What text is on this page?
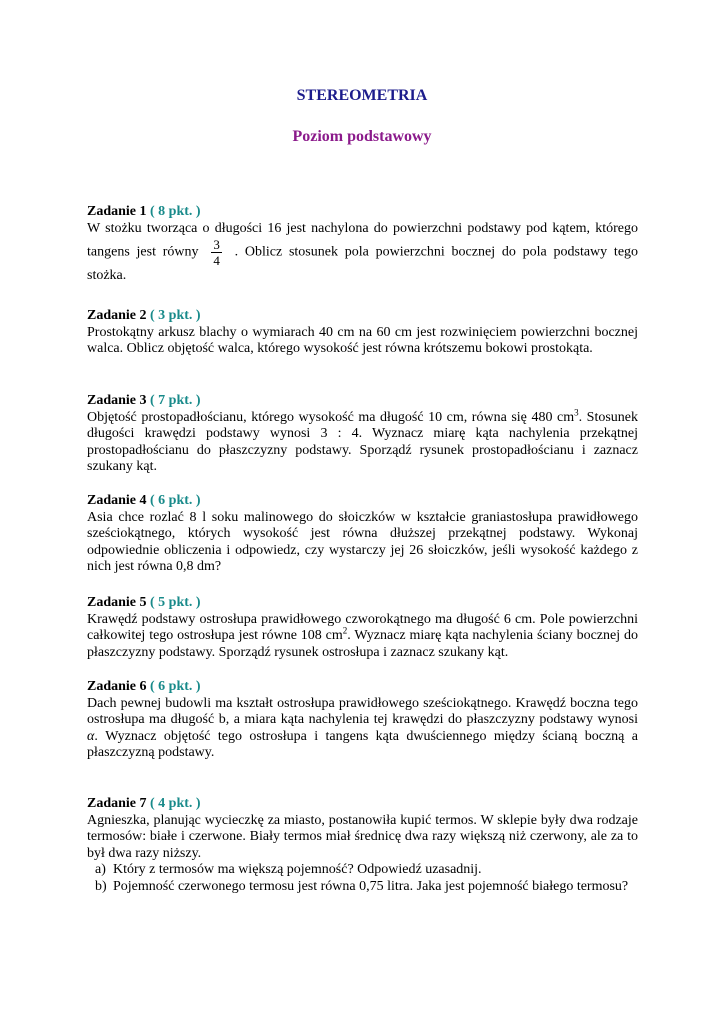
STEREOMETRIA
Poziom podstawowy
Zadanie 1 ( 8 pkt. )
W stożku tworząca o długości 16 jest nachylona do powierzchni podstawy pod kątem, którego tangens jest równy $\frac{3}{4}$ . Oblicz stosunek pola powierzchni bocznej do pola podstawy tego stożka.
Zadanie 2 ( 3 pkt. )
Prostokątny arkusz blachy o wymiarach 40 cm na 60 cm jest rozwinięciem powierzchni bocznej walca. Oblicz objętość walca, którego wysokość jest równa krótszemu bokowi prostokąta.
Zadanie 3 ( 7 pkt. )
Objętość prostopadłościanu, którego wysokość ma długość 10 cm, równa się 480 $cm^3$. Stosunek długości krawędzi podstawy wynosi 3 : 4. Wyznacz miarę kąta nachylenia przekątnej prostopadłościanu do płaszczyzny podstawy. Sporządź rysunek prostopadłościanu i zaznacz szukany kąt.
Zadanie 4 ( 6 pkt. )
Asia chce rozlać 8 l soku malinowego do słoiczków w kształcie graniastosłupa prawidłowego sześciokątnego, których wysokość jest równa dłuższej przekątnej podstawy. Wykonaj odpowiednie obliczenia i odpowiedz, czy wystarczy jej 26 słoiczków, jeśli wysokość każdego z nich jest równa 0,8 dm?
Zadanie 5 ( 5 pkt. )
Krawędź podstawy ostrosłupa prawidłowego czworokątnego ma długość 6 cm. Pole powierzchni całkowitej tego ostrosłupa jest równe 108 $cm^2$. Wyznacz miarę kąta nachylenia ściany bocznej do płaszczyzny podstawy. Sporządź rysunek ostrosłupa i zaznacz szukany kąt.
Zadanie 6 ( 6 pkt. )
Dach pewnej budowli ma kształt ostrosłupa prawidłowego sześciokątnego. Krawędź boczna tego ostrosłupa ma długość b, a miara kąta nachylenia tej krawędzi do płaszczyzny podstawy wynosi α. Wyznacz objętość tego ostrosłupa i tangens kąta dwuściennego między ścianą boczną a płaszczyzną podstawy.
Zadanie 7 ( 4 pkt. )
Agnieszka, planując wycieczkę za miasto, postanowiła kupić termos. W sklepie były dwa rodzaje termosów: białe i czerwone. Biały termos miał średnicę dwa razy większą niż czerwony, ale za to był dwa razy niższy.
a) Który z termosów ma większą pojemność? Odpowiedź uzasadnij.
b) Pojemność czerwonego termosu jest równa 0,75 litra. Jaka jest pojemność białego termosu?
